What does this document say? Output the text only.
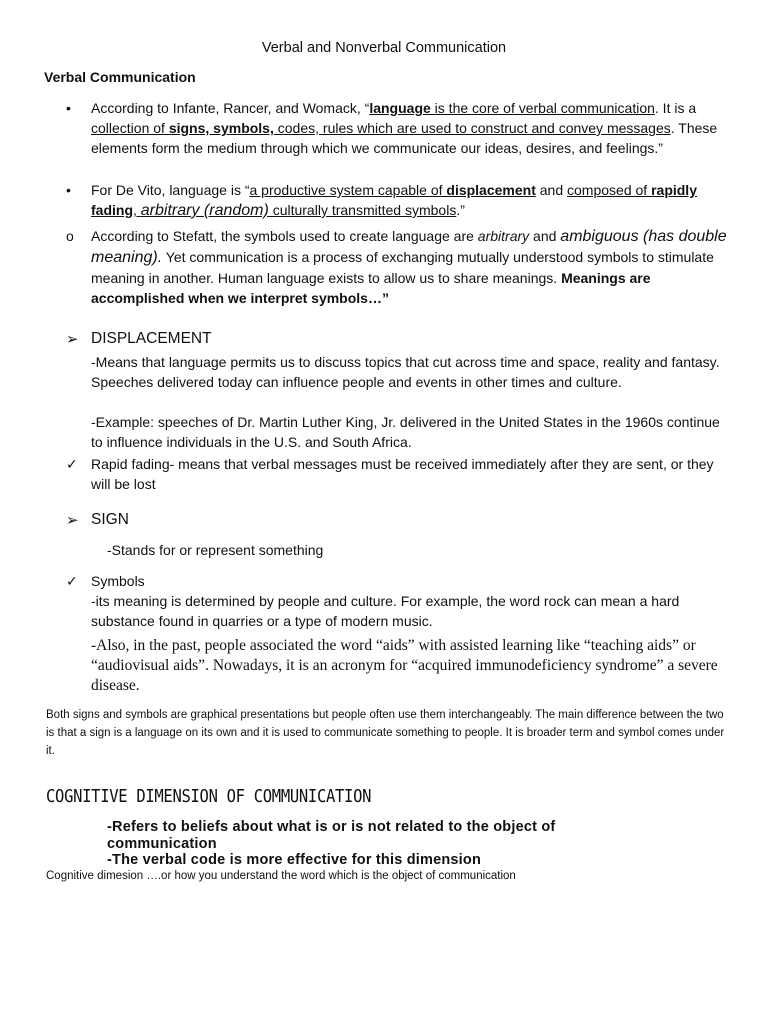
Verbal and Nonverbal Communication
Verbal Communication
• According to Infante, Rancer, and Womack, “language is the core of verbal communication. It is a collection of signs, symbols, codes, rules which are used to construct and convey messages. These elements form the medium through which we communicate our ideas, desires, and feelings.”
• For De Vito, language is “a productive system capable of displacement and composed of rapidly fading, arbitrary (random) culturally transmitted symbols.”
o According to Stefatt, the symbols used to create language are arbitrary and ambiguous (has double meaning). Yet communication is a process of exchanging mutually understood symbols to stimulate meaning in another. Human language exists to allow us to share meanings. Meanings are accomplished when we interpret symbols…”
➢ DISPLACEMENT
-Means that language permits us to discuss topics that cut across time and space, reality and fantasy. Speeches delivered today can influence people and events in other times and culture.
-Example: speeches of Dr. Martin Luther King, Jr. delivered in the United States in the 1960s continue to influence individuals in the U.S. and South Africa.
✓ Rapid fading- means that verbal messages must be received immediately after they are sent, or they will be lost
➢ SIGN
-Stands for or represent something
✓ Symbols
-its meaning is determined by people and culture. For example, the word rock can mean a hard substance found in quarries or a type of modern music.
-Also, in the past, people associated the word “aids” with assisted learning like “teaching aids” or “audiovisual aids”. Nowadays, it is an acronym for “acquired immunodeficiency syndrome” a severe disease.
Both signs and symbols are graphical presentations but people often use them interchangeably. The main difference between the two is that a sign is a language on its own and it is used to communicate something to people. It is broader term and symbol comes under it.
COGNITIVE DIMENSION OF COMMUNICATION
-Refers to beliefs about what is or is not related to the object of communication
-The verbal code is more effective for this dimension
Cognitive dimesion ….or how you understand the word which is the object of communication
